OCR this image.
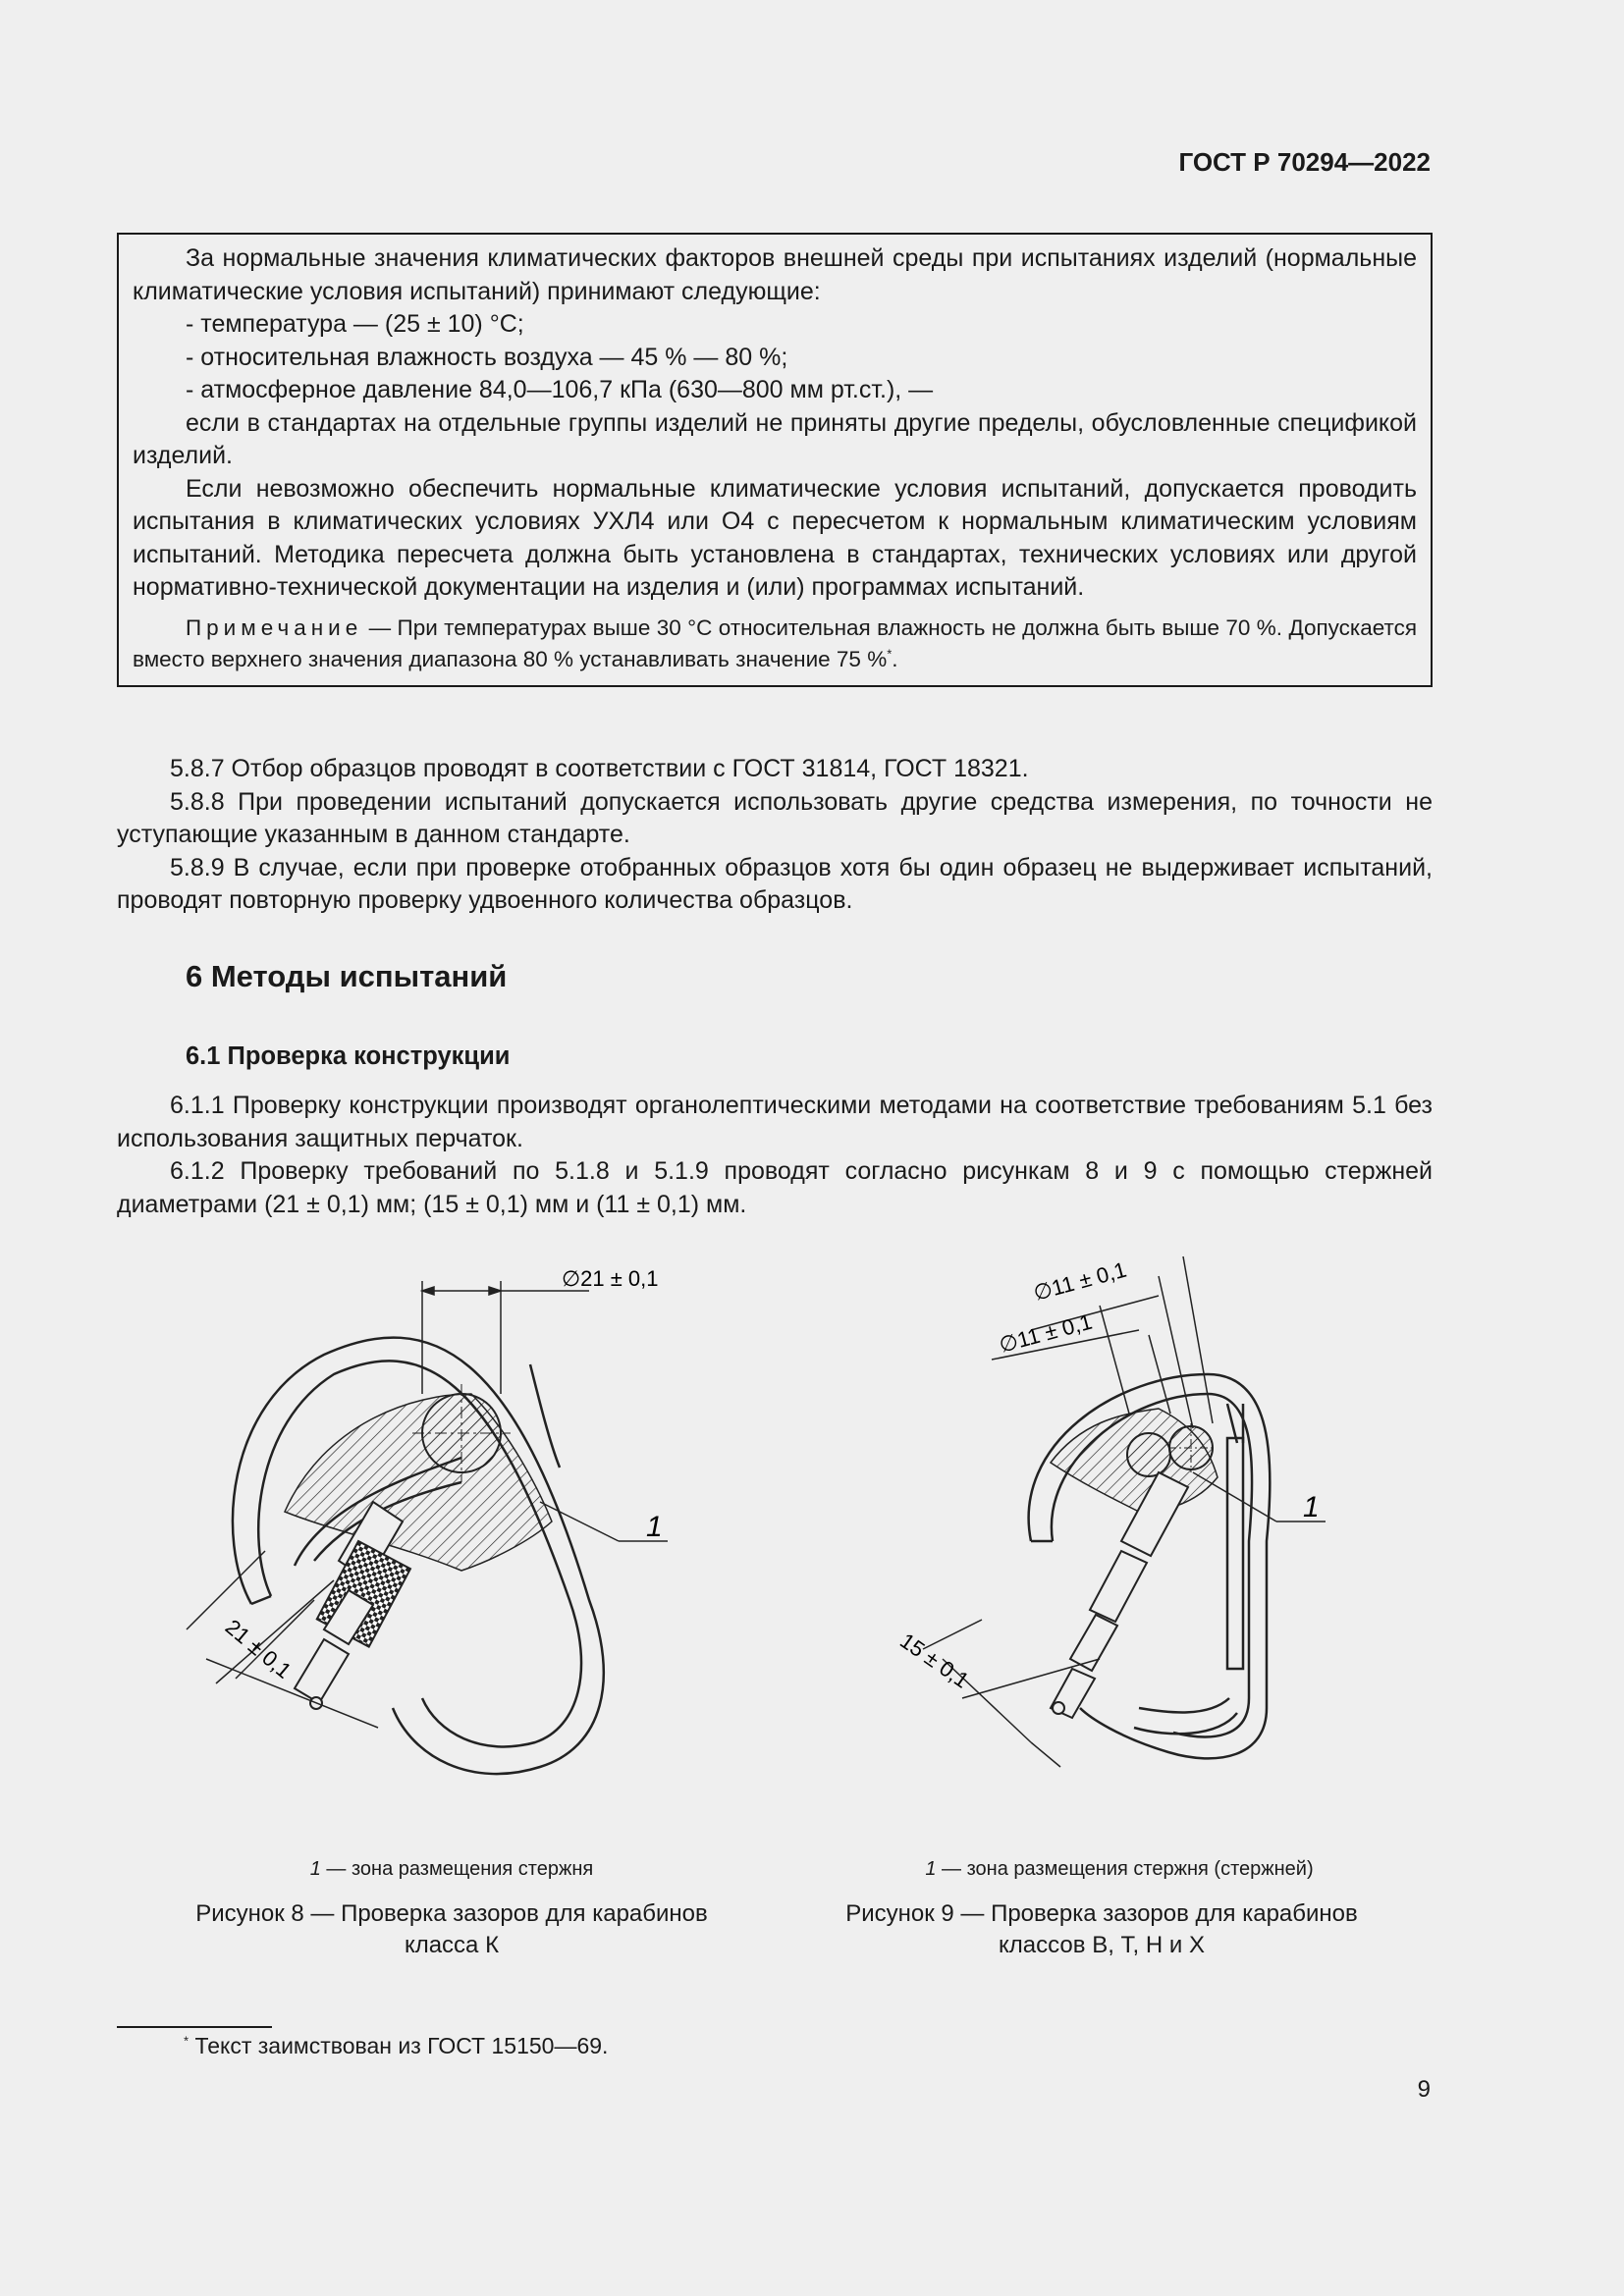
ГОСТ Р 70294—2022

За нормальные значения климатических факторов внешней среды при испытаниях изделий (нормальные климатические условия испытаний) принимают следующие:

- температура — (25 ± 10) °С;

- относительная влажность воздуха — 45 % — 80 %;

- атмосферное давление 84,0—106,7 кПа (630—800 мм рт.ст.), —

если в стандартах на отдельные группы изделий не приняты другие пределы, обусловленные спецификой изделий.

Если невозможно обеспечить нормальные климатические условия испытаний, допускается проводить испытания в климатических условиях УХЛ4 или О4 с пересчетом к нормальным климатическим условиям испытаний. Методика пересчета должна быть установлена в стандартах, технических условиях или другой нормативно-технической документации на изделия и (или) программах испытаний.

Примечание — При температурах выше 30 °С относительная влажность не должна быть выше 70 %. Допускается вместо верхнего значения диапазона 80 % устанавливать значение 75 %*.

5.8.7 Отбор образцов проводят в соответствии с ГОСТ 31814, ГОСТ 18321.

5.8.8 При проведении испытаний допускается использовать другие средства измерения, по точности не уступающие указанным в данном стандарте.

5.8.9 В случае, если при проверке отобранных образцов хотя бы один образец не выдерживает испытаний, проводят повторную проверку удвоенного количества образцов.

6 Методы испытаний
6.1 Проверка конструкции

6.1.1 Проверку конструкции производят органолептическими методами на соответствие требованиям 5.1 без использования защитных перчаток.

6.1.2 Проверку требований по 5.1.8 и 5.1.9 проводят согласно рисункам 8 и 9 с помощью стержней диаметрами (21 ± 0,1) мм; (15 ± 0,1) мм и (11 ± 0,1) мм.

∅21 ± 0,1
21 ± 0,1
1
1 — зона размещения стержня
Рисунок 8 — Проверка зазоров для карабинов
класса К
∅11 ± 0,1
∅11 ± 0,1
15 ± 0,1
1
1 — зона размещения стержня (стержней)
Рисунок 9 — Проверка зазоров для карабинов
классов В, Т, Н и Х
* Текст заимствован из ГОСТ 15150—69.
9
